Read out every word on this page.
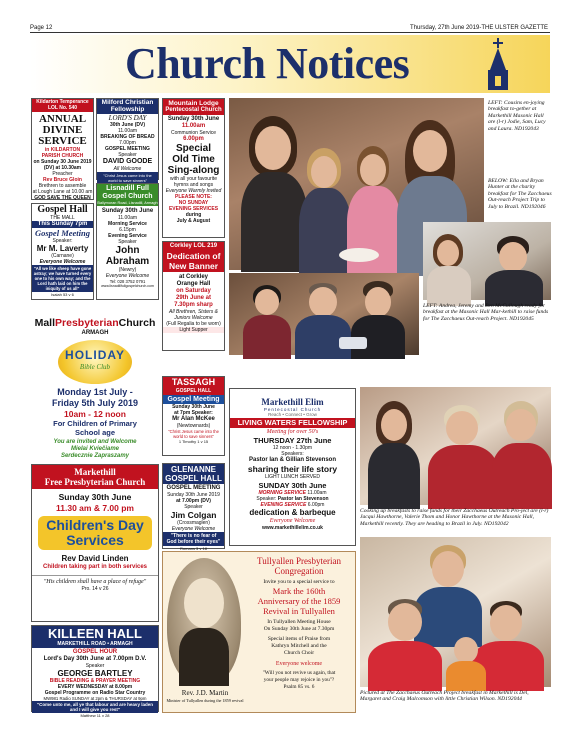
Page 12	Thursday, 27th June 2019-THE ULSTER GAZETTE
Church Notices
Kildarton Temperance
LOL No. 540
ANNUAL
DIVINE
SERVICE
in KILDARTON
PARISH CHURCH
on Sunday 30 June 2019
(DV) at 10.30am
Preacher
Rev Bruce Gloin
Brethren to assemble
at Lough Lane at 10.00 am
GOD SAVE THE QUEEN
Gospel Hall
THE MALL
This Sunday 7pm
Gospel Meeting
Speaker:
Mr M. Laverty
(Carnane)
Everyone Welcome
"All we like sheep have gone astray; we have turned every one to his own way; and the Lord hath laid on him the iniquity of us all"
Isaiah 53 v 6
Milford Christian
Fellowship
LORD'S DAY
30th June (DV)
11.00am
BREAKING OF BREAD
7.00pm
GOSPEL MEETING
Speaker
DAVID GOODE
All Welcome
"Christ Jesus came into the world to save sinners"
Lisnadill Full
Gospel Church
Ballymoran Road, Lisnadill, Armagh
Sunday 30th June
11.00am
Morning Service
6.15pm
Evening Service
Speaker
John
Abraham
(Newry)
Everyone Welcome
Tel: 028 3752 0791
www.lisnadillfullgospelchurch.com
Mountain Lodge
Pentecostal Church
Sunday 30th June
11.00am
Communion Service
6.00pm
Special
Old Time
Sing-along
with all your favourite hymns and songs
Everyone Warmly Invited
PLEASE NOTE:
NO SUNDAY
EVENING SERVICES
during
July & August
Corkley LOL 219
Dedication of
New Banner
at Corkley
Orange Hall
on Saturday
29th June at
7.30pm sharp
All Brethren, Sisters & Juniors Welcome
(Full Regalia to be worn)
Light Supper
MallPresbyterianChurch
ARMAGH
HOLIDAY
Bible Club
Monday 1st July -
Friday 5th July 2019
10am - 12 noon
For Children of Primary
School age
You are invited and Welcome
Mielai Kviečiame
Serdecznie Zapraszamy
TASSAGH
GOSPEL HALL
Gospel Meeting
Sunday 30th June
at 7pm Speaker:
Mr Alan McKee
(Newtownards)
"Christ Jesus came into the world to save sinners"
1 Timothy 1 v 15
GLENANNE
GOSPEL HALL
GOSPEL MEETING
Sunday 30th June 2019
at 7.00pm (DV)
Speaker
Jim Colgan
(Crossmaglen)
Everyone Welcome
"There is no fear of God before their eyes"
Romans 3 v 18
Markethill
Free Presbyterian Church
Sunday 30th June
11.30 am & 7.00 pm
Children's Day
Services
Rev David Linden
Children taking part in both services
"His children shall have a place of refuge"
Pro. 14 v 26
KILLEEN HALL
MARKETHILL ROAD • ARMAGH
GOSPEL HOUR
Lord's Day 30th June at 7.00pm D.V.
Speaker
GEORGE BARTLEY
BIBLE READING & PRAYER MEETING
EVERY WEDNESDAY at 8.00pm
Gospel Programme on Radio Star Country
MW981 Radio SUNDAY at 2pm & THURSDAY at 9pm
"Come unto me, all ye that labour and are heavy laden and I will give you rest"
Matthew 11 v 28
Markethill Elim
Pentecostal Church
Reach • Connect • Grow
LIVING WATERS FELLOWSHIP
Meeting for over 50's
THURSDAY 27th June
12 noon - 1.30pm
Speakers:
Pastor Ian & Gillian Stevenson
sharing their life story
LIGHT LUNCH SERVED
SUNDAY 30th June
MORNING SERVICE 11.00am
Speaker: Pastor Ian Stevenson
EVENING SERVICE 6.00pm
dedication & barbeque
Everyone Welcome
www.markethillelim.co.uk
Rev. J.D. Martin
Minister of Tullyallen during the 1859 revival
Tullyallen Presbyterian
Congregation
Invite you to a special service to
Mark the 160th
Anniversary of the 1859
Revival in Tullyallen
In Tullyallen Meeting House
On Sunday 30th June at 7.30pm
Special items of Praise from
Kathryn Mitchell and the
Church Choir
Everyone welcome
"Will you not revive us again, that
your people may rejoice in you"?
Psalm 85 vs. 6
LEFT: Cousins en-joying breakfast to-gether at Markethill Masonic Hall are (l-r) Jodie, Sam, Lucy and Laura. ND192043
BELOW: Ella and Bryan Hunter at the charity breakfast for The Zacchaeus Out-reach Project Trip to July to Brazil. ND192046
LEFT: Andrea, Jeremy and Ben McCullough ready for breakfast at the Masonic Hall Mar-kethill to raise funds for The Zacchaeus Out-reach Project. ND192045
Cooking up breakfasts to raise funds for their Zacchaeus Outreach Pro-ject are (l-r) Jacqui Hawthorne, Valerie Thom and Honor Hawthorne at the Masonic Hall, Markethill recently. They are heading to Brazil in July. ND192042
Pictured at The Zacchaeus Outreach Project breakfast in Markethill is Del, Margaret and Craig Malcomson with little Christian Wilson. ND192044
